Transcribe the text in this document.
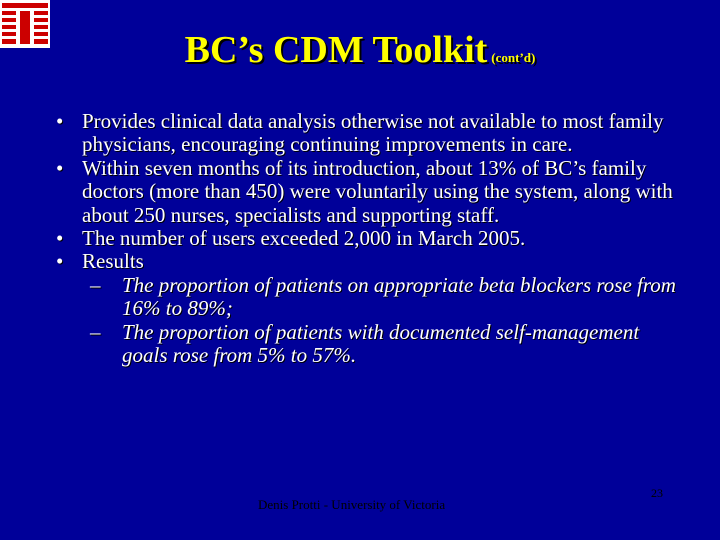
BC’s CDM Toolkit (cont’d)
• Provides clinical data analysis otherwise not available to most family physicians, encouraging continuing improvements in care.
• Within seven months of its introduction, about 13% of BC’s family doctors (more than 450) were voluntarily using the system, along with about 250 nurses, specialists and supporting staff.
• The number of users exceeded 2,000 in March 2005.
• Results
– The proportion of patients on appropriate beta blockers rose from 16% to 89%;
– The proportion of patients with documented self-management goals rose from 5% to 57%.
Denis Protti - University of Victoria
23
